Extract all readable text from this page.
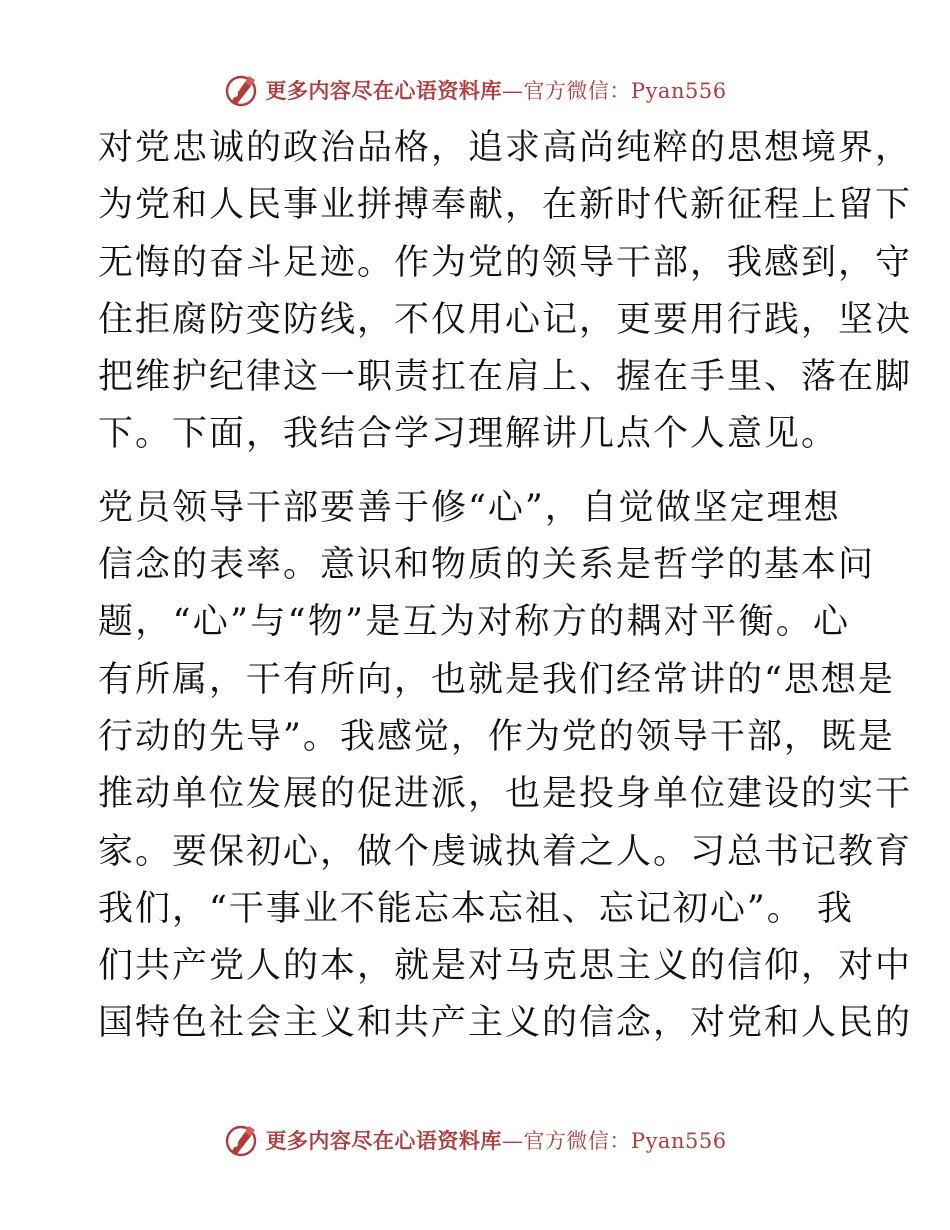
更多内容尽在心语资料库—官方微信：Pyan556
对党忠诚的政治品格，追求高尚纯粹的思想境界，
为党和人民事业拼搏奉献，在新时代新征程上留下
无悔的奋斗足迹。作为党的领导干部，我感到，守
住拒腐防变防线，不仅用心记，更要用行践，坚决
把维护纪律这一职责扛在肩上、握在手里、落在脚
下。下面，我结合学习理解讲几点个人意见。
党员领导干部要善于修“心”，自觉做坚定理想
信念的表率。意识和物质的关系是哲学的基本问
题，“心”与“物”是互为对称方的耦对平衡。心
有所属，干有所向，也就是我们经常讲的“思想是
行动的先导”。我感觉，作为党的领导干部，既是
推动单位发展的促进派，也是投身单位建设的实干
家。要保初心，做个虔诚执着之人。习总书记教育
我们，“干事业不能忘本忘祖、忘记初心”。 我
们共产党人的本，就是对马克思主义的信仰，对中
国特色社会主义和共产主义的信念，对党和人民的
更多内容尽在心语资料库—官方微信：Pyan556
